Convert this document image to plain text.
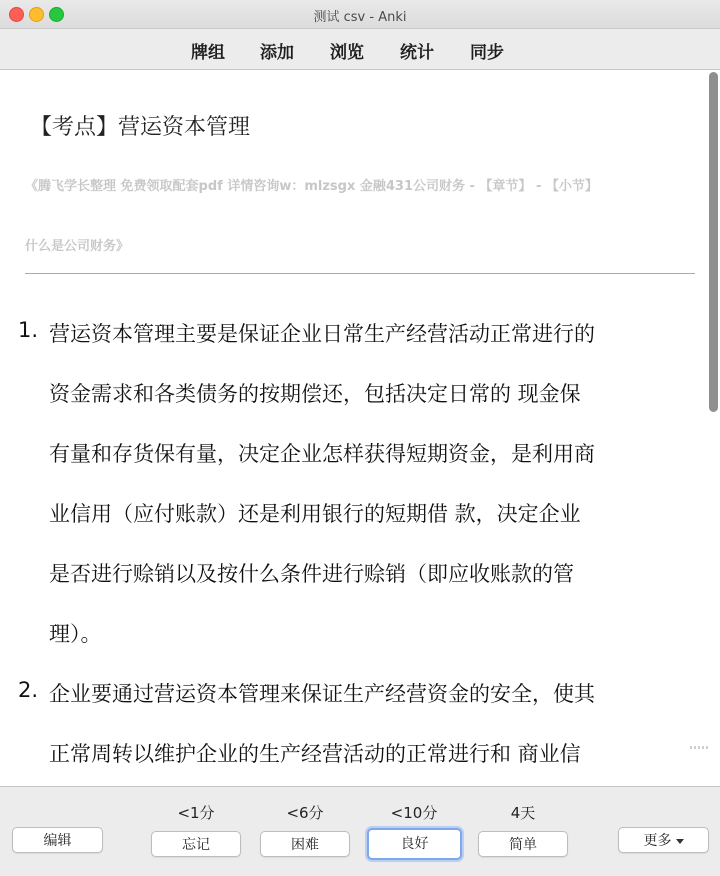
测试 csv - Anki
牌组 添加 浏览 统计 同步
【考点】营运资本管理
《腾飞学长整理 免费领取配套pdf 详情咨询w：mlzsgx 金融431公司财务 - 【章节】 - 【小节】
什么是公司财务》
1. 营运资本管理主要是保证企业日常生产经营活动正常进行的
资金需求和各类债务的按期偿还，包括决定日常的 现金保
有量和存货保有量，决定企业怎样获得短期资金，是利用商
业信用（应付账款）还是利用银行的短期借 款，决定企业
是否进行赊销以及按什么条件进行赊销（即应收账款的管
理）。
2. 企业要通过营运资本管理来保证生产经营资金的安全，使其
正常周转以维护企业的生产经营活动的正常进行和 商业信
编辑
<1分	<6分	<10分	4天
忘记	困难	良好	简单	更多
